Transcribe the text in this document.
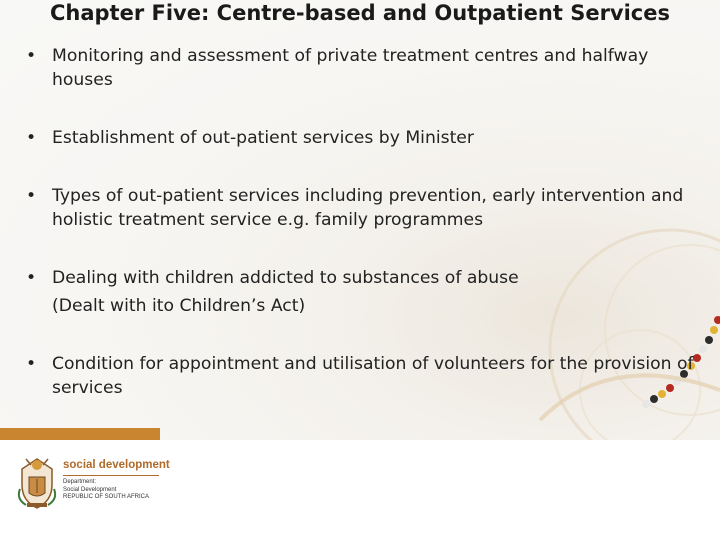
Chapter Five: Centre-based and Outpatient Services
• Monitoring and assessment of private treatment centres and halfway houses
• Establishment of out-patient services by Minister
• Types of out-patient services including prevention, early intervention and holistic treatment service e.g. family programmes
• Dealing with children addicted to substances of abuse
(Dealt with ito Children’s Act)
• Condition for appointment and utilisation of volunteers for the provision of services
social development
Department:
Social Development
REPUBLIC OF SOUTH AFRICA
